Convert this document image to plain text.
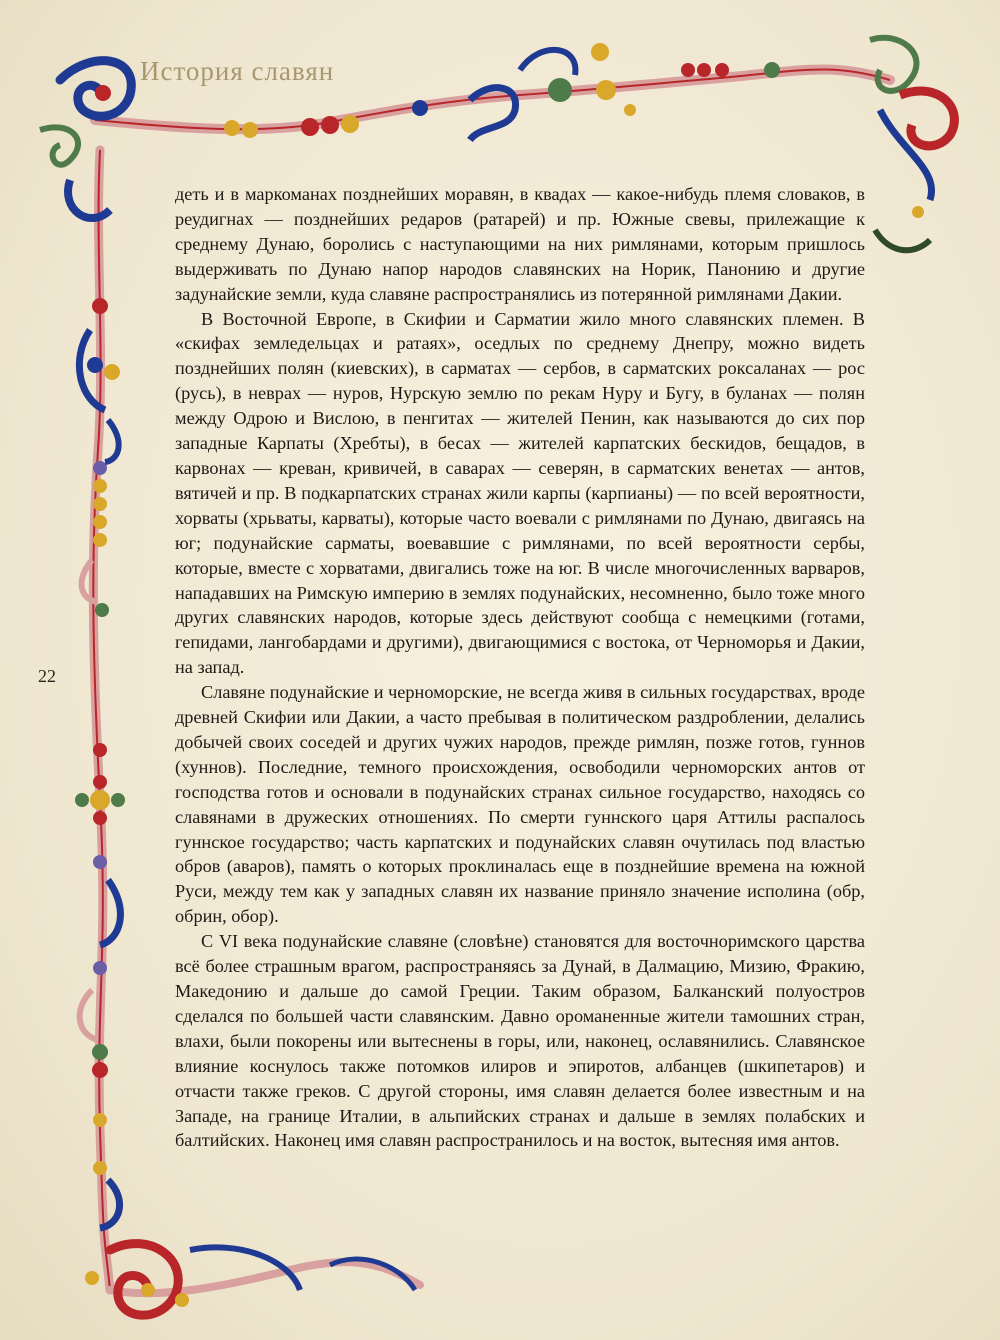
История славян
22

деть и в маркоманах позднейших моравян, в квадах — какое-нибудь племя словаков, в реудигнах — позднейших редаров (ратарей) и пр. Южные свевы, прилежащие к среднему Дунаю, боролись с наступающими на них римлянами, которым пришлось выдерживать по Дунаю напор народов славянских на Норик, Панонию и другие задунайские земли, куда славяне распространялись из потерянной римлянами Дакии.

В Восточной Европе, в Скифии и Сарматии жило много славянских племен. В «скифах земледельцах и ратаях», оседлых по среднему Днепру, можно видеть позднейших полян (киевских), в сарматах — сербов, в сарматских роксаланах — рос (русь), в неврах — нуров, Нурскую землю по рекам Нуру и Бугу, в буланах — полян между Одрою и Вислою, в пенгитах — жителей Пенин, как называются до сих пор западные Карпаты (Хребты), в бесах — жителей карпатских бескидов, бещадов, в карвонах — креван, кривичей, в саварах — северян, в сарматских венетах — антов, вятичей и пр. В подкарпатских странах жили карпы (карпианы) — по всей вероятности, хорваты (хрьваты, карваты), которые часто воевали с римлянами по Дунаю, двигаясь на юг; подунайские сарматы, воевавшие с римлянами, по всей вероятности сербы, которые, вместе с хорватами, двигались тоже на юг. В числе многочисленных варваров, нападавших на Римскую империю в землях подунайских, несомненно, было тоже много других славянских народов, которые здесь действуют сообща с немецкими (готами, гепидами, лангобардами и другими), двигающимися с востока, от Черноморья и Дакии, на запад.

Славяне подунайские и черноморские, не всегда живя в сильных государствах, вроде древней Скифии или Дакии, а часто пребывая в политическом раздроблении, делались добычей своих соседей и других чужих народов, прежде римлян, позже готов, гуннов (хуннов). Последние, темного происхождения, освободили черноморских антов от господства готов и основали в подунайских странах сильное государство, находясь со славянами в дружеских отношениях. По смерти гуннского царя Аттилы распалось гуннское государство; часть карпатских и подунайских славян очутилась под властью обров (аваров), память о которых проклиналась еще в позднейшие времена на южной Руси, между тем как у западных славян их название приняло значение исполина (обр, обрин, обор).

С VI века подунайские славяне (словѣне) становятся для восточноримского царства всё более страшным врагом, распространяясь за Дунай, в Далмацию, Мизию, Фракию, Македонию и дальше до самой Греции. Таким образом, Балканский полуостров сделался по большей части славянским. Давно ороманенные жители тамошних стран, влахи, были покорены или вытеснены в горы, или, наконец, ославянились. Славянское влияние коснулось также потомков илиров и эпиротов, албанцев (шкипетаров) и отчасти также греков. С другой стороны, имя славян делается более известным и на Западе, на границе Италии, в альпийских странах и дальше в землях полабских и балтийских. Наконец имя славян распространилось и на восток, вытесняя имя антов.
